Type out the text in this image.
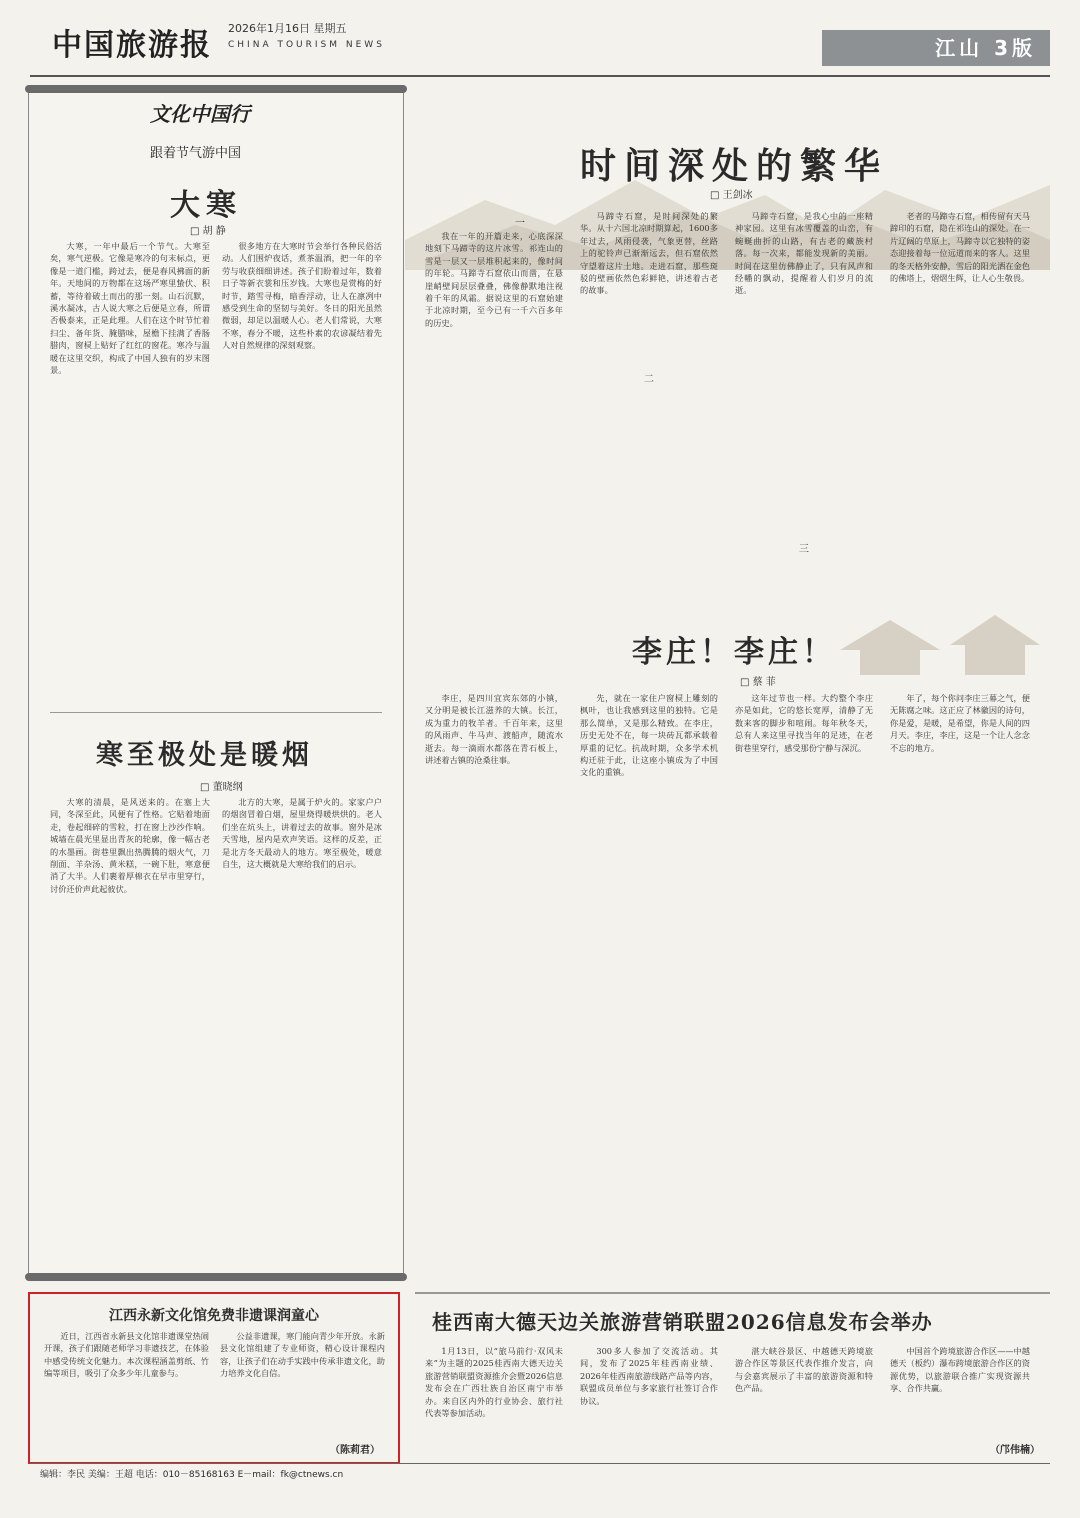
中国旅游报 2026年1月16日 星期五
CHINA TOURISM NEWS	江山 3版
文化中国行
跟着节气游中国
大寒
□ 胡 静
大寒，一年中最后一个节气。大寒至矣，寒气逆极。它像是寒冷的句末标点，更像是一道门槛，跨过去，便是春风拂面的新年。天地间的万物都在这场严寒里蛰伏、积蓄，等待着破土而出的那一刻。山石沉默，溪水凝冰，古人说大寒之后便是立春，所谓否极泰来，正是此理。人们在这个时节忙着扫尘、备年货、腌腊味，屋檐下挂满了香肠腊肉，窗棂上贴好了红红的窗花。寒冷与温暖在这里交织，构成了中国人独有的岁末图景。
很多地方在大寒时节会举行各种民俗活动。人们围炉夜话，煮茶温酒，把一年的辛劳与收获细细讲述。孩子们盼着过年，数着日子等新衣裳和压岁钱。大寒也是赏梅的好时节，踏雪寻梅，暗香浮动，让人在凛冽中感受到生命的坚韧与美好。冬日的阳光虽然微弱，却足以温暖人心。老人们常说，大寒不寒，春分不暖，这些朴素的农谚凝结着先人对自然规律的深刻观察。
寒至极处是暖烟
□ 董晓纲
大寒的清晨，是风送来的。在塞上大同，冬深至此，风便有了性格。它贴着地面走，卷起细碎的雪粒，打在窗上沙沙作响。城墙在晨光里显出青灰的轮廓，像一幅古老的水墨画。街巷里飘出热腾腾的烟火气，刀削面、羊杂汤、黄米糕，一碗下肚，寒意便消了大半。人们裹着厚棉衣在早市里穿行，讨价还价声此起彼伏。
北方的大寒，是属于炉火的。家家户户的烟囱冒着白烟，屋里烧得暖烘烘的。老人们坐在炕头上，讲着过去的故事。窗外是冰天雪地，屋内是欢声笑语。这样的反差，正是北方冬天最动人的地方。寒至极处，暖意自生，这大概就是大寒给我们的启示。
时间深处的繁华
□ 王剑冰
一
我在一年的开篇走来，心底深深地刻下马蹄寺的这片冰雪。祁连山的雪是一层又一层堆积起来的，像时间的年轮。马蹄寺石窟依山而凿，在悬崖峭壁间层层叠叠，佛像静默地注视着千年的风霜。据说这里的石窟始建于北凉时期，至今已有一千六百多年的历史。
马蹄寺石窟，是时间深处的繁华。从十六国北凉时期算起，1600多年过去，风雨侵袭，气象更替，丝路上的驼铃声已渐渐远去，但石窟依然守望着这片土地。走进石窟，那些斑驳的壁画依然色彩鲜艳，讲述着古老的故事。
二
马蹄寺石窟，是我心中的一座精神家园。这里有冰雪覆盖的山峦，有蜿蜒曲折的山路，有古老的藏族村落。每一次来，都能发现新的美丽。时间在这里仿佛静止了，只有风声和经幡的飘动，提醒着人们岁月的流逝。
三
老者的马蹄寺石窟，相传留有天马蹄印的石窟，隐在祁连山的深处。在一片辽阔的草原上，马蹄寺以它独特的姿态迎接着每一位远道而来的客人。这里的冬天格外安静，雪后的阳光洒在金色的佛塔上，熠熠生辉，让人心生敬畏。
李庄！李庄！
□ 蔡 菲
李庄，是四川宜宾东郊的小镇，又分明是被长江滋养的大镇。长江，成为重力的牧羊者。千百年来，这里的风雨声、牛马声、渡船声，随流水逝去。每一滴雨水都落在青石板上，讲述着古镇的沧桑往事。
先，就在一家住户窗棂上雕刻的枫叶，也让我感到这里的独特。它是那么简单，又是那么精致。在李庄，历史无处不在，每一块砖瓦都承载着厚重的记忆。抗战时期，众多学术机构迁驻于此，让这座小镇成为了中国文化的重镇。
这年过节也一样。大约整个李庄亦是如此，它的悠长宽厚，清静了无数来客的脚步和喧闹。每年秋冬天，总有人来这里寻找当年的足迹，在老街巷里穿行，感受那份宁静与深沉。
年了，每个你问李庄三幕之气，便无陈腐之味。这正应了林徽因的诗句，你是爱，是暖，是希望，你是人间的四月天。李庄，李庄，这是一个让人念念不忘的地方。
江西永新文化馆免费非遗课润童心
近日，江西省永新县文化馆非遗课堂热闹开课，孩子们跟随老师学习非遗技艺，在体验中感受传统文化魅力。本次课程涵盖剪纸、竹编等项目，吸引了众多少年儿童参与。
公益非遗课，寒门能向青少年开放。永新县文化馆组建了专业师资，精心设计课程内容，让孩子们在动手实践中传承非遗文化，助力培养文化自信。
（陈莉君）
桂西南大德天边关旅游营销联盟2026信息发布会举办
1月13日，以“旅马前行·双风未来”为主题的2025桂西南大德天边关旅游营销联盟资源推介会暨2026信息发布会在广西壮族自治区南宁市举办。来自区内外的行业协会、旅行社代表等参加活动。
300多人参加了交流活动。其间，发布了2025年桂西南业绩、2026年桂西南旅游线路产品等内容，联盟成员单位与多家旅行社签订合作协议。
湛大峡谷景区、中越德天跨境旅游合作区等景区代表作推介发言，向与会嘉宾展示了丰富的旅游资源和特色产品。
中国首个跨境旅游合作区——中越德天（板约）瀑布跨境旅游合作区的资源优势，以旅游联合推广实现资源共享、合作共赢。
（邝伟楠）
编辑：李民 美编：王超 电话：010－85168163 E－mail：fk@ctnews.cn
